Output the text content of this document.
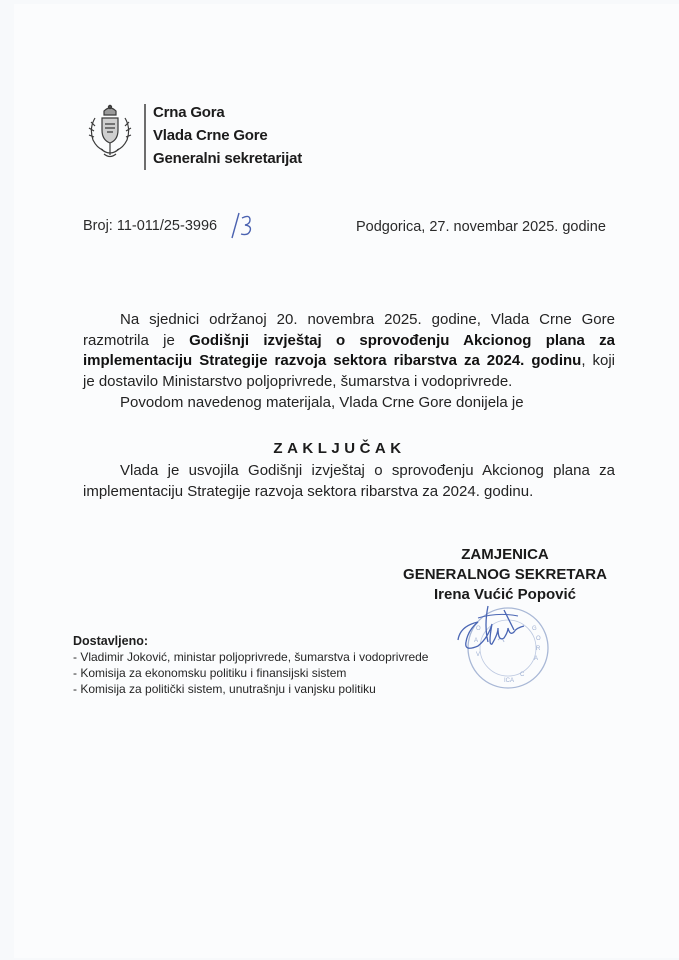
Crna Gora
Vlada Crne Gore
Generalni sekretarijat
Broj: 11-011/25-3996	Podgorica, 27. novembar 2025. godine
Na sjednici održanoj 20. novembra 2025. godine, Vlada Crne Gore
razmotrila je Godišnji izvještaj o sprovođenju Akcionog plana za
implementaciju Strategije razvoja sektora ribarstva za 2024. godinu, koji
je dostavilo Ministarstvo poljoprivrede, šumarstva i vodoprivrede.
Povodom navedenog materijala, Vlada Crne Gore donijela je
ZAKLJUČAK
Vlada je usvojila Godišnji izvještaj o sprovođenju Akcionog plana za
implementaciju Strategije razvoja sektora ribarstva za 2024. godinu.
ZAMJENICA
GENERALNOG SEKRETARA
Irena Vućić Popović
G
O
R
A
C
ICA
O
A
V
Dostavljeno:
- Vladimir Joković, ministar poljoprivrede, šumarstva i vodoprivrede
- Komisija za ekonomsku politiku i finansijski sistem
- Komisija za politički sistem, unutrašnju i vanjsku politiku
